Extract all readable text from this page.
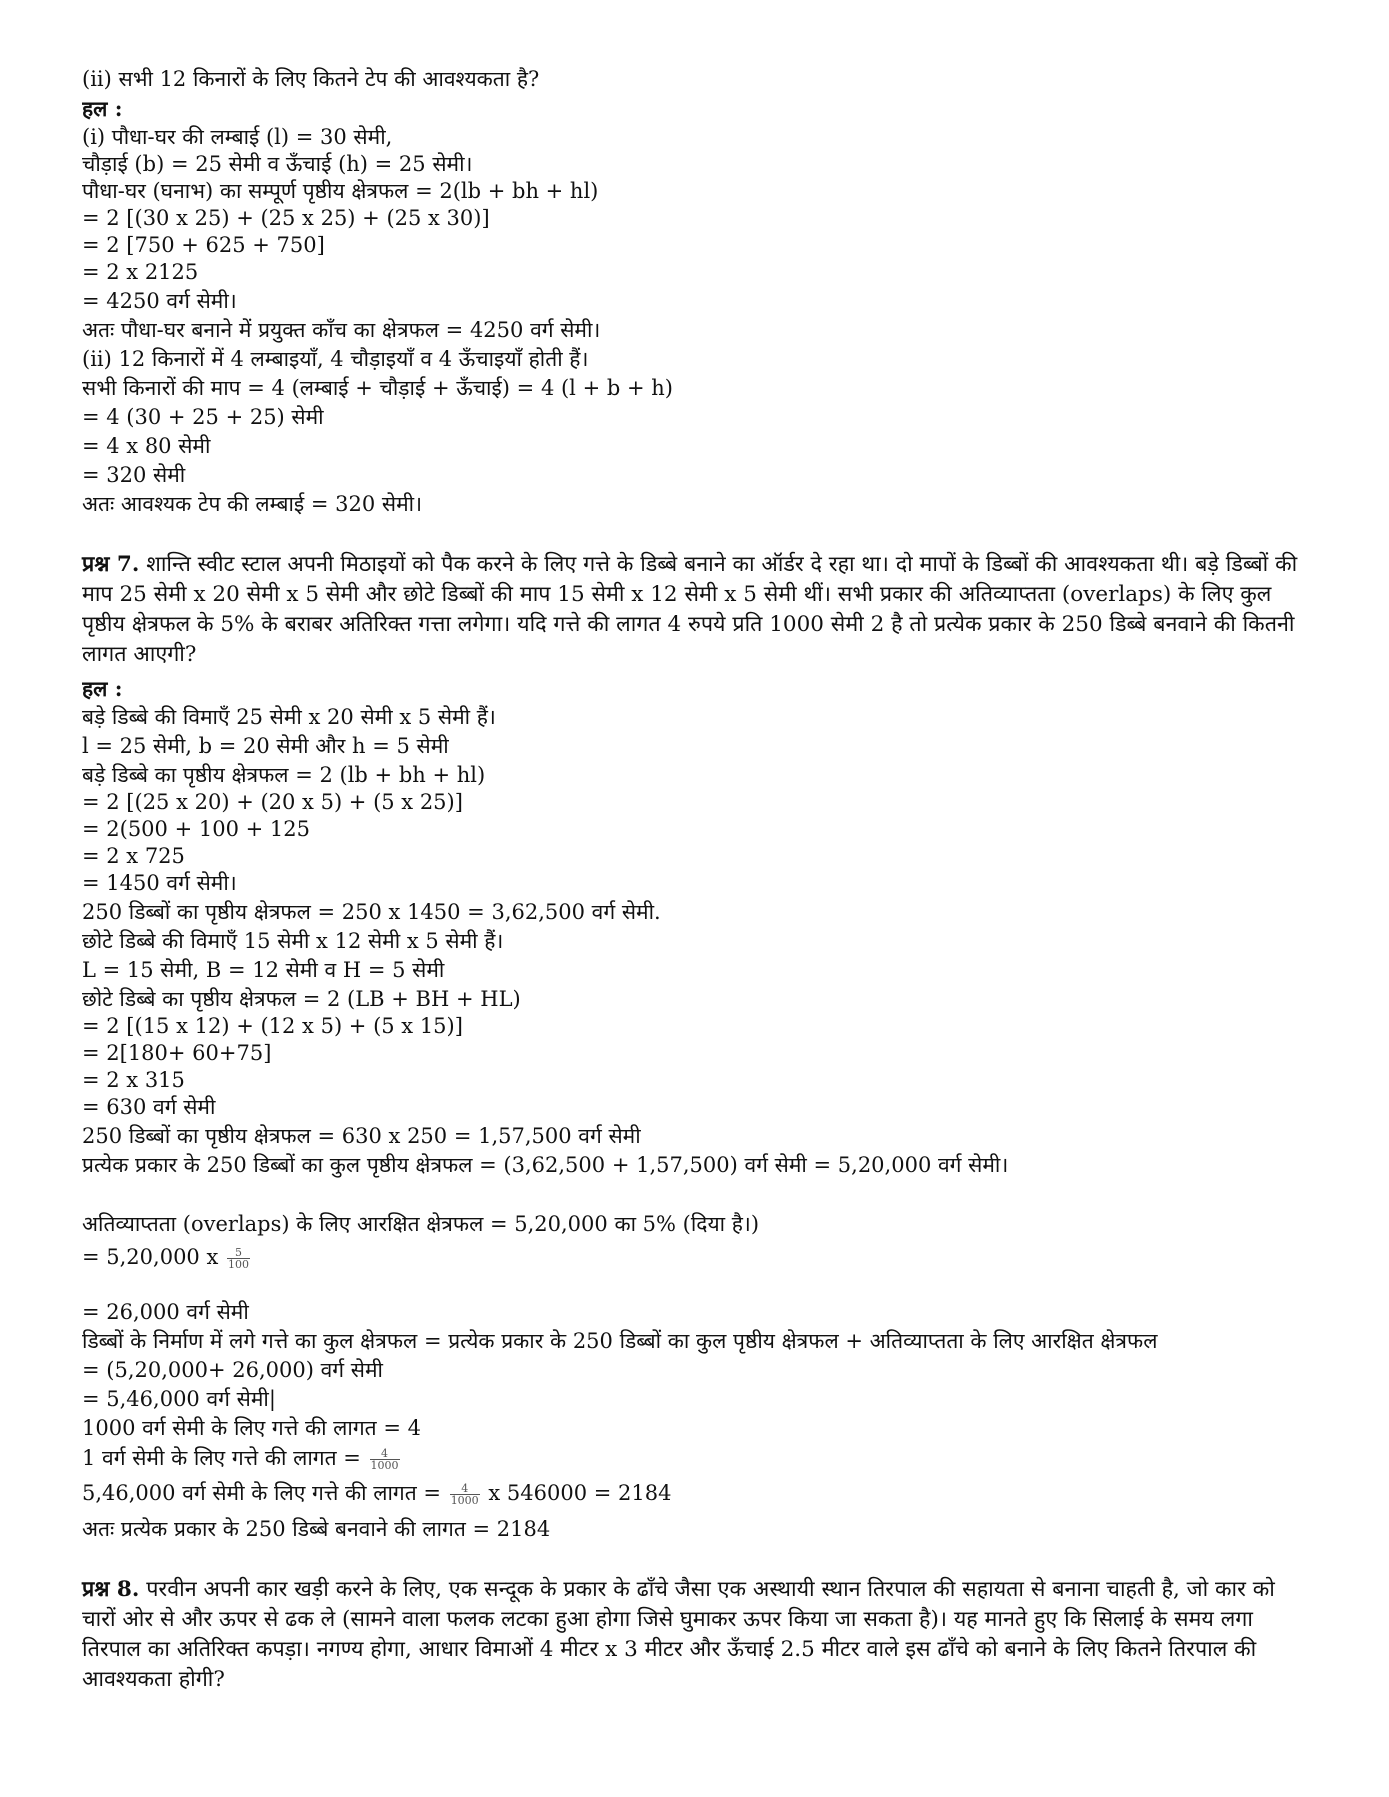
(ii) सभी 12 किनारों के लिए कितने टेप की आवश्यकता है?
हल :
(i) पौधा-घर की लम्बाई (l) = 30 सेमी,
चौड़ाई (b) = 25 सेमी व ऊँचाई (h) = 25 सेमी।
पौधा-घर (घनाभ) का सम्पूर्ण पृष्ठीय क्षेत्रफल = 2(lb + bh + hl)
= 2 [(30 x 25) + (25 x 25) + (25 x 30)]
= 2 [750 + 625 + 750]
= 2 x 2125
= 4250 वर्ग सेमी।
अतः पौधा-घर बनाने में प्रयुक्त काँच का क्षेत्रफल = 4250 वर्ग सेमी।
(ii) 12 किनारों में 4 लम्बाइयाँ, 4 चौड़ाइयाँ व 4 ऊँचाइयाँ होती हैं।
सभी किनारों की माप = 4 (लम्बाई + चौड़ाई + ऊँचाई) = 4 (l + b + h)
= 4 (30 + 25 + 25) सेमी
= 4 x 80 सेमी
= 320 सेमी
अतः आवश्यक टेप की लम्बाई = 320 सेमी।
प्रश्न 7. शान्ति स्वीट स्टाल अपनी मिठाइयों को पैक करने के लिए गत्ते के डिब्बे बनाने का ऑर्डर दे रहा था। दो मापों के डिब्बों की आवश्यकता थी। बड़े डिब्बों की माप 25 सेमी x 20 सेमी x 5 सेमी और छोटे डिब्बों की माप 15 सेमी x 12 सेमी x 5 सेमी थीं। सभी प्रकार की अतिव्याप्तता (overlaps) के लिए कुल पृष्ठीय क्षेत्रफल के 5% के बराबर अतिरिक्त गत्ता लगेगा। यदि गत्ते की लागत 4 रुपये प्रति 1000 सेमी 2 है तो प्रत्येक प्रकार के 250 डिब्बे बनवाने की कितनी लागत आएगी?
हल :
बड़े डिब्बे की विमाएँ 25 सेमी x 20 सेमी x 5 सेमी हैं।
l = 25 सेमी, b = 20 सेमी और h = 5 सेमी
बड़े डिब्बे का पृष्ठीय क्षेत्रफल = 2 (lb + bh + hl)
= 2 [(25 x 20) + (20 x 5) + (5 x 25)]
= 2(500 + 100 + 125
= 2 x 725
= 1450 वर्ग सेमी।
250 डिब्बों का पृष्ठीय क्षेत्रफल = 250 x 1450 = 3,62,500 वर्ग सेमी.
छोटे डिब्बे की विमाएँ 15 सेमी x 12 सेमी x 5 सेमी हैं।
L = 15 सेमी, B = 12 सेमी व H = 5 सेमी
छोटे डिब्बे का पृष्ठीय क्षेत्रफल = 2 (LB + BH + HL)
= 2 [(15 x 12) + (12 x 5) + (5 x 15)]
= 2[180+ 60+75]
= 2 x 315
= 630 वर्ग सेमी
250 डिब्बों का पृष्ठीय क्षेत्रफल = 630 x 250 = 1,57,500 वर्ग सेमी
प्रत्येक प्रकार के 250 डिब्बों का कुल पृष्ठीय क्षेत्रफल = (3,62,500 + 1,57,500) वर्ग सेमी = 5,20,000 वर्ग सेमी।
अतिव्याप्तता (overlaps) के लिए आरक्षित क्षेत्रफल = 5,20,000 का 5% (दिया है।)
= 5,20,000 x $\frac{5}{100}$
= 26,000 वर्ग सेमी
डिब्बों के निर्माण में लगे गत्ते का कुल क्षेत्रफल = प्रत्येक प्रकार के 250 डिब्बों का कुल पृष्ठीय क्षेत्रफल + अतिव्याप्तता के लिए आरक्षित क्षेत्रफल
= (5,20,000+ 26,000) वर्ग सेमी
= 5,46,000 वर्ग सेमी|
1000 वर्ग सेमी के लिए गत्ते की लागत = 4
1 वर्ग सेमी के लिए गत्ते की लागत = $\frac{4}{1000}$
5,46,000 वर्ग सेमी के लिए गत्ते की लागत = $\frac{4}{1000}$ x 546000 = 2184
अतः प्रत्येक प्रकार के 250 डिब्बे बनवाने की लागत = 2184
प्रश्न 8. परवीन अपनी कार खड़ी करने के लिए, एक सन्दूक के प्रकार के ढाँचे जैसा एक अस्थायी स्थान तिरपाल की सहायता से बनाना चाहती है, जो कार को चारों ओर से और ऊपर से ढक ले (सामने वाला फलक लटका हुआ होगा जिसे घुमाकर ऊपर किया जा सकता है)। यह मानते हुए कि सिलाई के समय लगा तिरपाल का अतिरिक्त कपड़ा। नगण्य होगा, आधार विमाओं 4 मीटर x 3 मीटर और ऊँचाई 2.5 मीटर वाले इस ढाँचे को बनाने के लिए कितने तिरपाल की आवश्यकता होगी?
